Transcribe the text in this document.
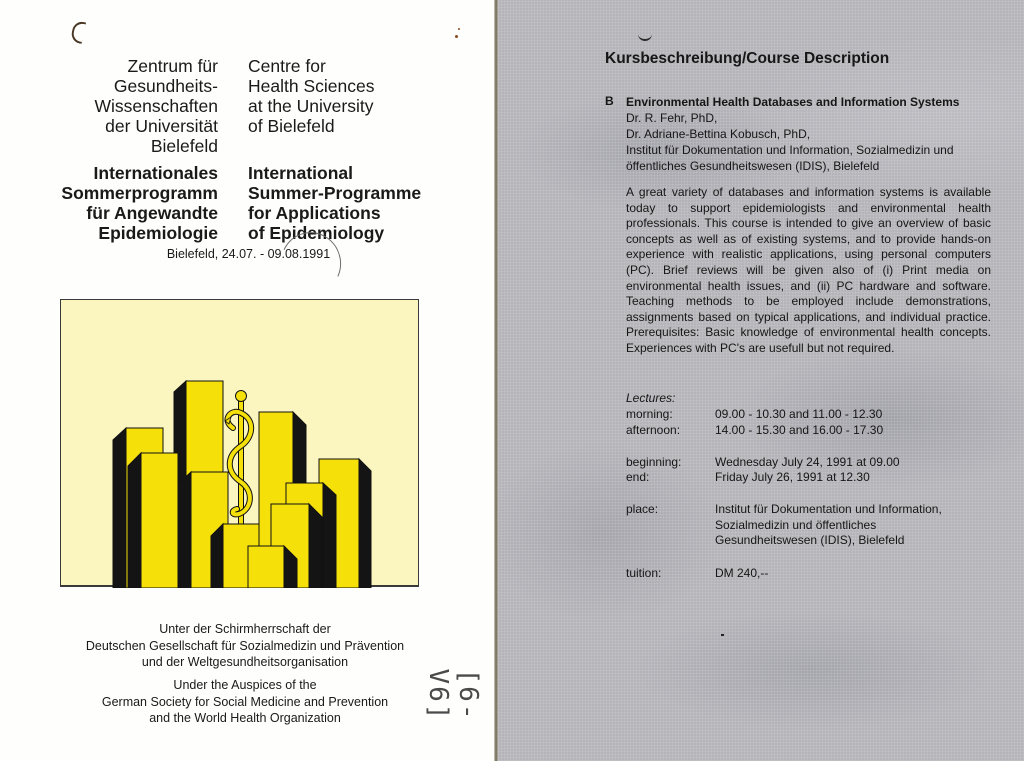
Zentrum für
Gesundheits-
Wissenschaften
der Universität
Bielefeld
Centre for
Health Sciences
at the University
of Bielefeld
Internationales
Sommerprogramm
für Angewandte
Epidemiologie
International
Summer-Programme
for Applications
of Epidemiology
Bielefeld, 24.07. - 09.08.1991
Unter der Schirmherrschaft der
Deutschen Gesellschaft für Sozialmedizin und Prävention
und der Weltgesundheitsorganisation
Under the Auspices of the
German Society for Social Medicine and Prevention
and the World Health Organization	[6-V6]
Kursbeschreibung/Course Description
B Environmental Health Databases and Information Systems
Dr. R. Fehr, PhD,
Dr. Adriane-Bettina Kobusch, PhD,
Institut für Dokumentation und Information, Sozialmedizin und
öffentliches Gesundheitswesen (IDIS), Bielefeld
A great variety of databases and information systems is available today to support epidemiologists and environmental health professionals. This course is intended to give an overview of basic concepts as well as of existing systems, and to provide hands-on experience with realistic applications, using personal computers (PC). Brief reviews will be given also of (i) Print media on environmental health issues, and (ii) PC hardware and software. Teaching methods to be employed include demonstrations, assignments based on typical applications, and individual practice. Prerequisites: Basic knowledge of environmental health concepts. Experiences with PC's are usefull but not required.
Lectures:
morning:	09.00 - 10.30 and 11.00 - 12.30
afternoon:	14.00 - 15.30 and 16.00 - 17.30
beginning:	Wednesday July 24, 1991 at 09.00
end:	Friday July 26, 1991 at 12.30
place:	Institut für Dokumentation und Information,
Sozialmedizin und öffentliches
Gesundheitswesen (IDIS), Bielefeld
tuition:	DM 240,--
